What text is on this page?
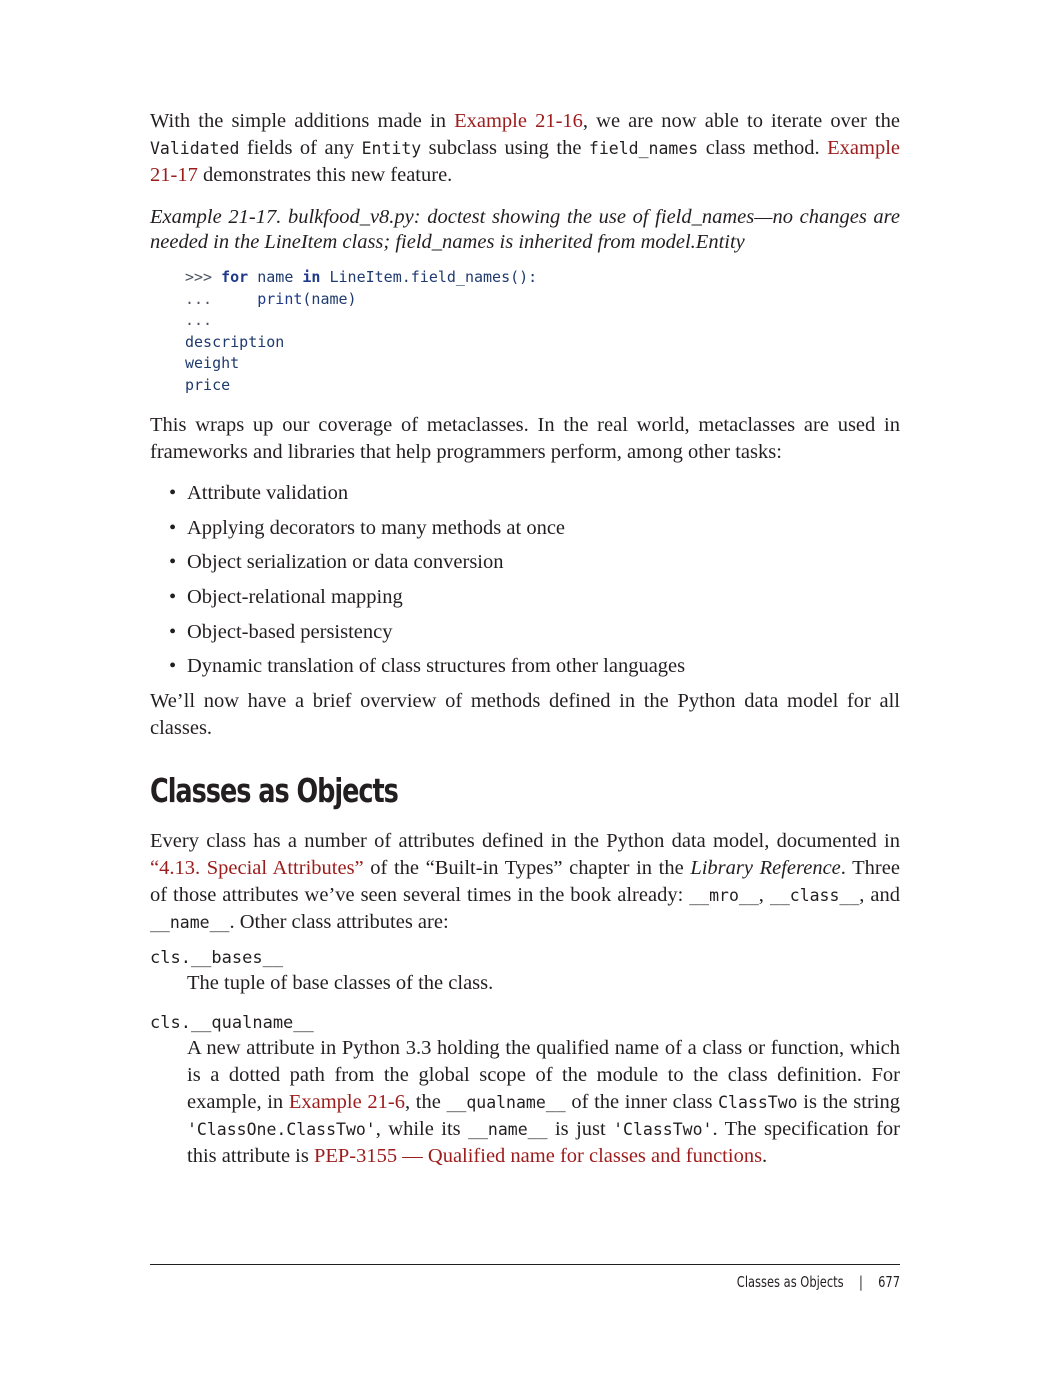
With the simple additions made in Example 21-16, we are now able to iterate over the Validated fields of any Entity subclass using the field_names class method. Example 21-17 demonstrates this new feature.

Example 21-17. bulkfood_v8.py: doctest showing the use of field_names—no changes are needed in the LineItem class; field_names is inherited from model.Entity

>>> for name in LineItem.field_names():
...     print(name)
...
description
weight
price

This wraps up our coverage of metaclasses. In the real world, metaclasses are used in frameworks and libraries that help programmers perform, among other tasks:

• Attribute validation
• Applying decorators to many methods at once
• Object serialization or data conversion
• Object-relational mapping
• Object-based persistency
• Dynamic translation of class structures from other languages

We’ll now have a brief overview of methods defined in the Python data model for all classes.

Classes as Objects

Every class has a number of attributes defined in the Python data model, documented in “4.13. Special Attributes” of the “Built-in Types” chapter in the Library Reference. Three of those attributes we’ve seen several times in the book already: __mro__, __class__, and __name__. Other class attributes are:

cls.__bases__
The tuple of base classes of the class.
cls.__qualname__
A new attribute in Python 3.3 holding the qualified name of a class or function, which is a dotted path from the global scope of the module to the class definition. For example, in Example 21-6, the __qualname__ of the inner class ClassTwo is the string 'ClassOne.ClassTwo', while its __name__ is just 'ClassTwo'. The specification for this attribute is PEP-3155 — Qualified name for classes and functions.
Classes as Objects | 677
